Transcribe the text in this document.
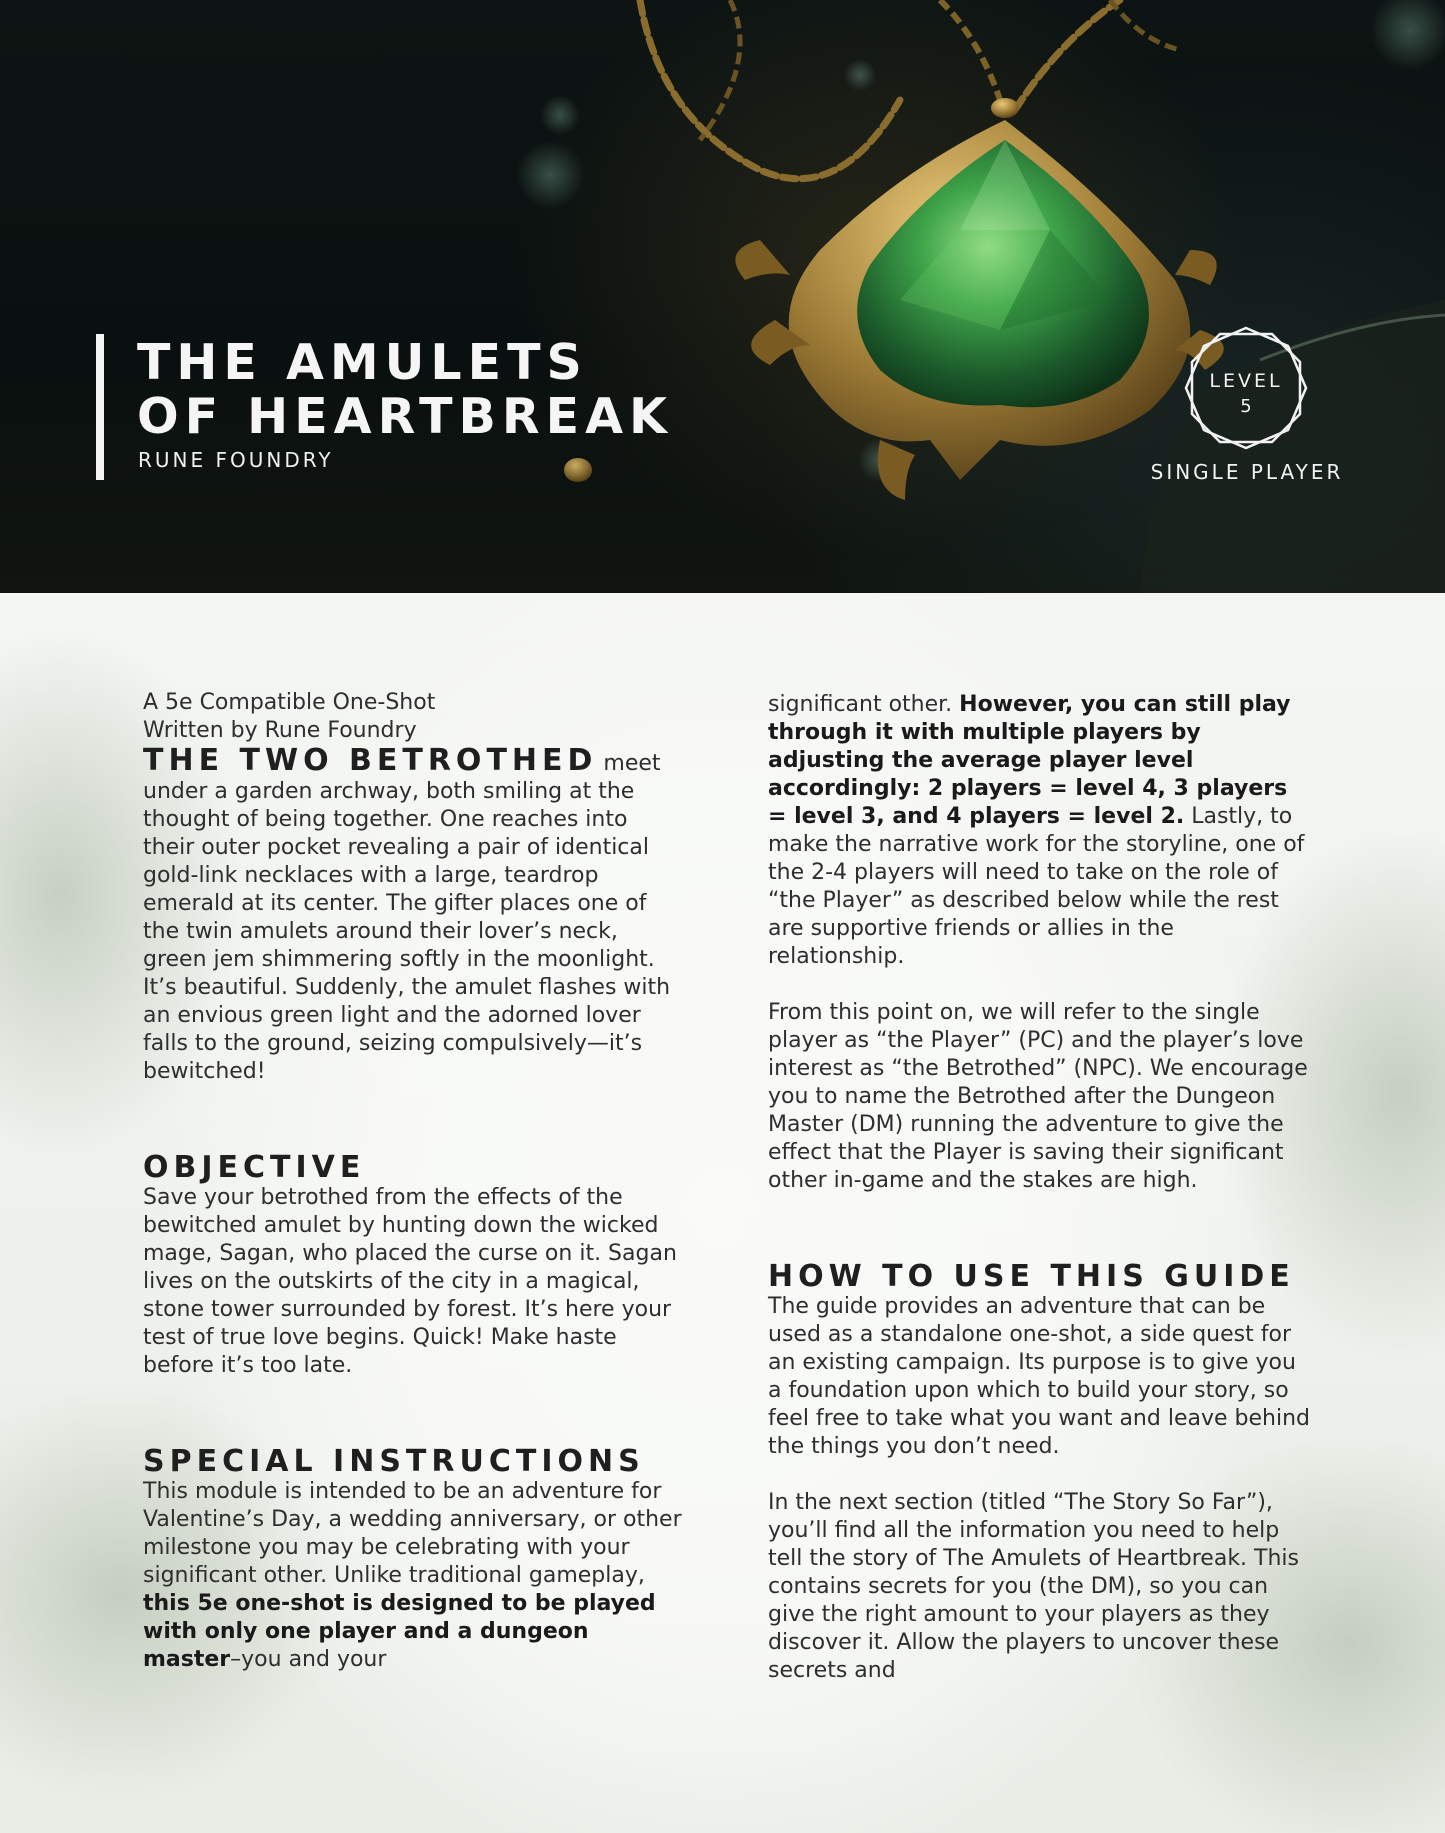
THE AMULETS
OF HEARTBREAK
RUNE FOUNDRY
LEVEL
5
SINGLE PLAYER

A 5e Compatible One-Shot
Written by Rune Foundry

THE TWO BETROTHED meet under a garden archway, both smiling at the thought of being together. One reaches into their outer pocket revealing a pair of identical gold-link necklaces with a large, teardrop emerald at its center. The gifter places one of the twin amulets around their lover’s neck, green jem shimmering softly in the moonlight. It’s beautiful. Suddenly, the amulet flashes with an envious green light and the adorned lover falls to the ground, seizing compulsively—it’s bewitched!

OBJECTIVE

Save your betrothed from the effects of the bewitched amulet by hunting down the wicked mage, Sagan, who placed the curse on it. Sagan lives on the outskirts of the city in a magical, stone tower surrounded by forest. It’s here your test of true love begins. Quick! Make haste before it’s too late.

SPECIAL INSTRUCTIONS

This module is intended to be an adventure for Valentine’s Day, a wedding anniversary, or other milestone you may be celebrating with your significant other. Unlike traditional gameplay, this 5e one-shot is designed to be played with only one player and a dungeon master–you and your

significant other. However, you can still play through it with multiple players by adjusting the average player level accordingly: 2 players = level 4, 3 players = level 3, and 4 players = level 2. Lastly, to make the narrative work for the storyline, one of the 2-4 players will need to take on the role of “the Player” as described below while the rest are supportive friends or allies in the relationship.

From this point on, we will refer to the single player as “the Player” (PC) and the player’s love interest as “the Betrothed” (NPC). We encourage you to name the Betrothed after the Dungeon Master (DM) running the adventure to give the effect that the Player is saving their significant other in-game and the stakes are high.

HOW TO USE THIS GUIDE

The guide provides an adventure that can be used as a standalone one-shot, a side quest for an existing campaign. Its purpose is to give you a foundation upon which to build your story, so feel free to take what you want and leave behind the things you don’t need.

In the next section (titled “The Story So Far”), you’ll find all the information you need to help tell the story of The Amulets of Heartbreak. This contains secrets for you (the DM), so you can give the right amount to your players as they discover it. Allow the players to uncover these secrets and
